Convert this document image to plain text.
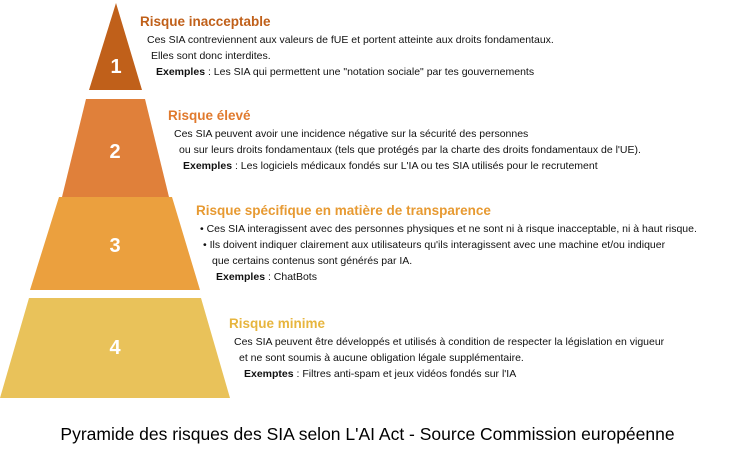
1
2
3
4
Risque inacceptable
Ces SIA contreviennent aux valeurs de fUE et portent atteinte aux droits fondamentaux.
Elles sont donc interdites.
Exemples : Les SIA qui permettent une "notation sociale" par tes gouvernements
Risque élevé
Ces SIA peuvent avoir une incidence négative sur la sécurité des personnes
ou sur leurs droits fondamentaux (tels que protégés par la charte des droits fondamentaux de l'UE).
Exemples : Les logiciels médicaux fondés sur L'IA ou tes SIA utilisés pour le recrutement
Risque spécifique en matière de transparence
• Ces SIA interagissent avec des personnes physiques et ne sont ni à risque inacceptable, ni à haut risque.
• Ils doivent indiquer clairement aux utilisateurs qu'ils interagissent avec une machine et/ou indiquer
que certains contenus sont générés par IA.
Exemples : ChatBots
Risque minime
Ces SIA peuvent être développés et utilisés à condition de respecter la législation en vigueur
et ne sont soumis à aucune obligation légale supplémentaire.
Exemptes : Filtres anti-spam et jeux vidéos fondés sur l'IA
Pyramide des risques des SIA selon L'AI Act - Source Commission européenne
